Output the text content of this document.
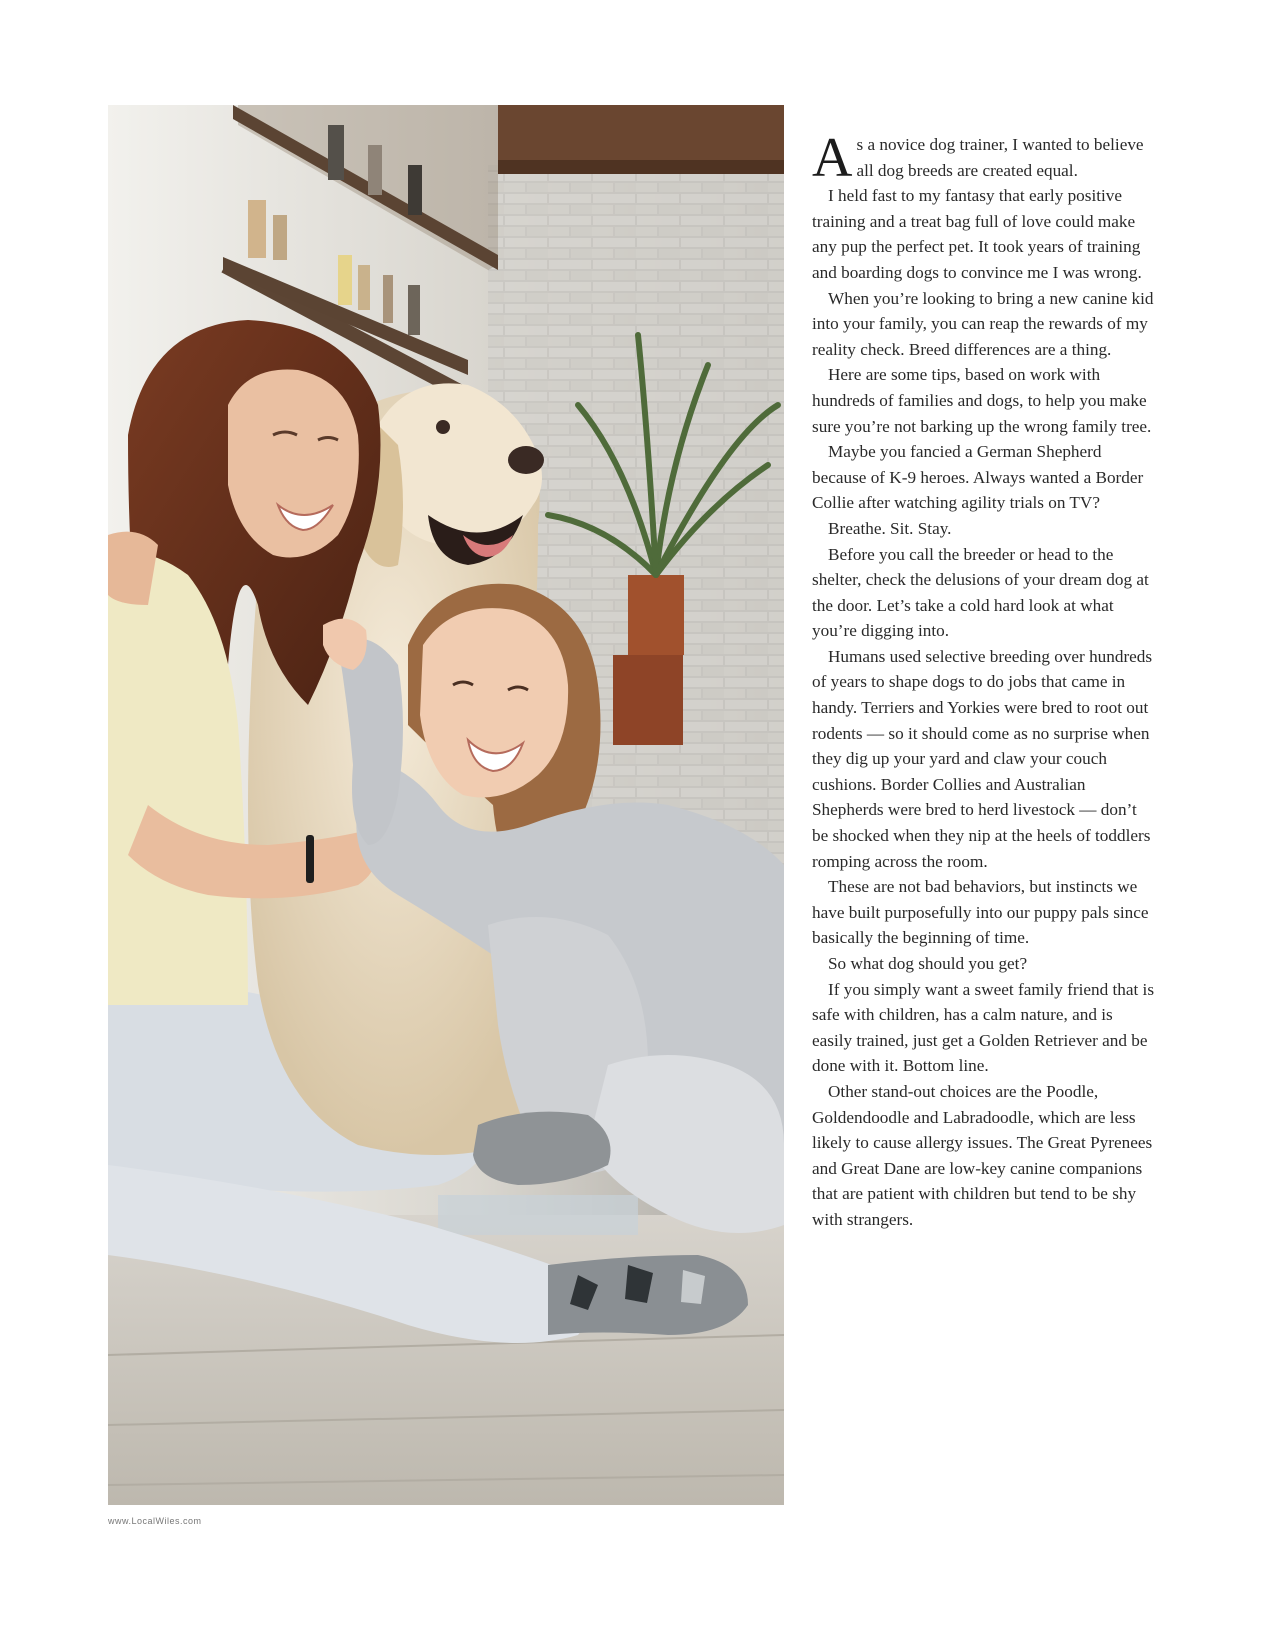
As a novice dog trainer, I wanted to believe all dog breeds are created equal.

I held fast to my fantasy that early positive training and a treat bag full of love could make any pup the perfect pet. It took years of training and boarding dogs to convince me I was wrong.

When you’re looking to bring a new canine kid into your family, you can reap the rewards of my reality check. Breed differences are a thing.

Here are some tips, based on work with hundreds of families and dogs, to help you make sure you’re not barking up the wrong family tree.

Maybe you fancied a German Shepherd because of K-9 heroes. Always wanted a Border Collie after watching agility trials on TV?

Breathe. Sit. Stay.

Before you call the breeder or head to the shelter, check the delusions of your dream dog at the door. Let’s take a cold hard look at what you’re digging into.

Humans used selective breeding over hundreds of years to shape dogs to do jobs that came in handy. Terriers and Yorkies were bred to root out rodents — so it should come as no surprise when they dig up your yard and claw your couch cushions. Border Collies and Australian Shepherds were bred to herd livestock — don’t be shocked when they nip at the heels of toddlers romping across the room.

These are not bad behaviors, but instincts we have built purposefully into our puppy pals since basically the beginning of time.

So what dog should you get?

If you simply want a sweet family friend that is safe with children, has a calm nature, and is easily trained, just get a Golden Retriever and be done with it. Bottom line.

Other stand-out choices are the Poodle, Goldendoodle and Labradoodle, which are less likely to cause allergy issues. The Great Pyrenees and Great Dane are low-key canine companions that are patient with children but tend to be shy with strangers.

www.LocalWiles.com
